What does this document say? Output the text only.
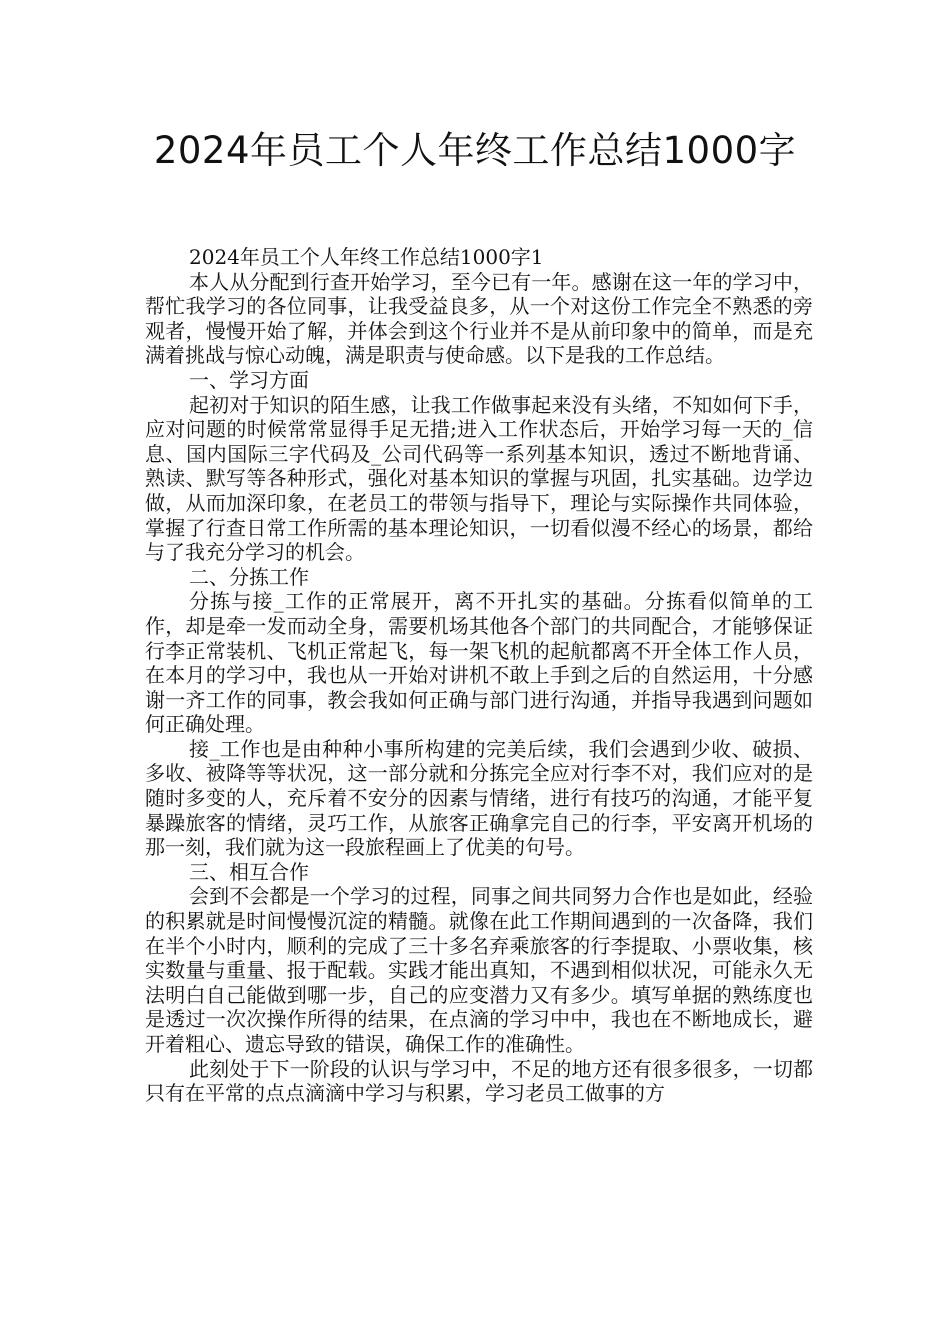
2024年员工个人年终工作总结1000字

2024年员工个人年终工作总结1000字1

本人从分配到行查开始学习，至今已有一年。感谢在这一年的学习中，帮忙我学习的各位同事，让我受益良多，从一个对这份工作完全不熟悉的旁观者，慢慢开始了解，并体会到这个行业并不是从前印象中的简单，而是充满着挑战与惊心动魄，满是职责与使命感。以下是我的工作总结。

一、学习方面

起初对于知识的陌生感，让我工作做事起来没有头绪，不知如何下手，应对问题的时候常常显得手足无措;进入工作状态后，开始学习每一天的_信息、国内国际三字代码及_公司代码等一系列基本知识，透过不断地背诵、熟读、默写等各种形式，强化对基本知识的掌握与巩固，扎实基础。边学边做，从而加深印象，在老员工的带领与指导下，理论与实际操作共同体验，掌握了行查日常工作所需的基本理论知识，一切看似漫不经心的场景，都给与了我充分学习的机会。

二、分拣工作

分拣与接_工作的正常展开，离不开扎实的基础。分拣看似简单的工作，却是牵一发而动全身，需要机场其他各个部门的共同配合，才能够保证行李正常装机、飞机正常起飞，每一架飞机的起航都离不开全体工作人员，在本月的学习中，我也从一开始对讲机不敢上手到之后的自然运用，十分感谢一齐工作的同事，教会我如何正确与部门进行沟通，并指导我遇到问题如何正确处理。

接_工作也是由种种小事所构建的完美后续，我们会遇到少收、破损、多收、被降等等状况，这一部分就和分拣完全应对行李不对，我们应对的是随时多变的人，充斥着不安分的因素与情绪，进行有技巧的沟通，才能平复暴躁旅客的情绪，灵巧工作，从旅客正确拿完自己的行李，平安离开机场的那一刻，我们就为这一段旅程画上了优美的句号。

三、相互合作

会到不会都是一个学习的过程，同事之间共同努力合作也是如此，经验的积累就是时间慢慢沉淀的精髓。就像在此工作期间遇到的一次备降，我们在半个小时内，顺利的完成了三十多名弃乘旅客的行李提取、小票收集，核实数量与重量、报于配载。实践才能出真知，不遇到相似状况，可能永久无法明白自己能做到哪一步，自己的应变潜力又有多少。填写单据的熟练度也是透过一次次操作所得的结果，在点滴的学习中中，我也在不断地成长，避开着粗心、遗忘导致的错误，确保工作的准确性。

此刻处于下一阶段的认识与学习中，不足的地方还有很多很多，一切都只有在平常的点点滴滴中学习与积累，学习老员工做事的方
